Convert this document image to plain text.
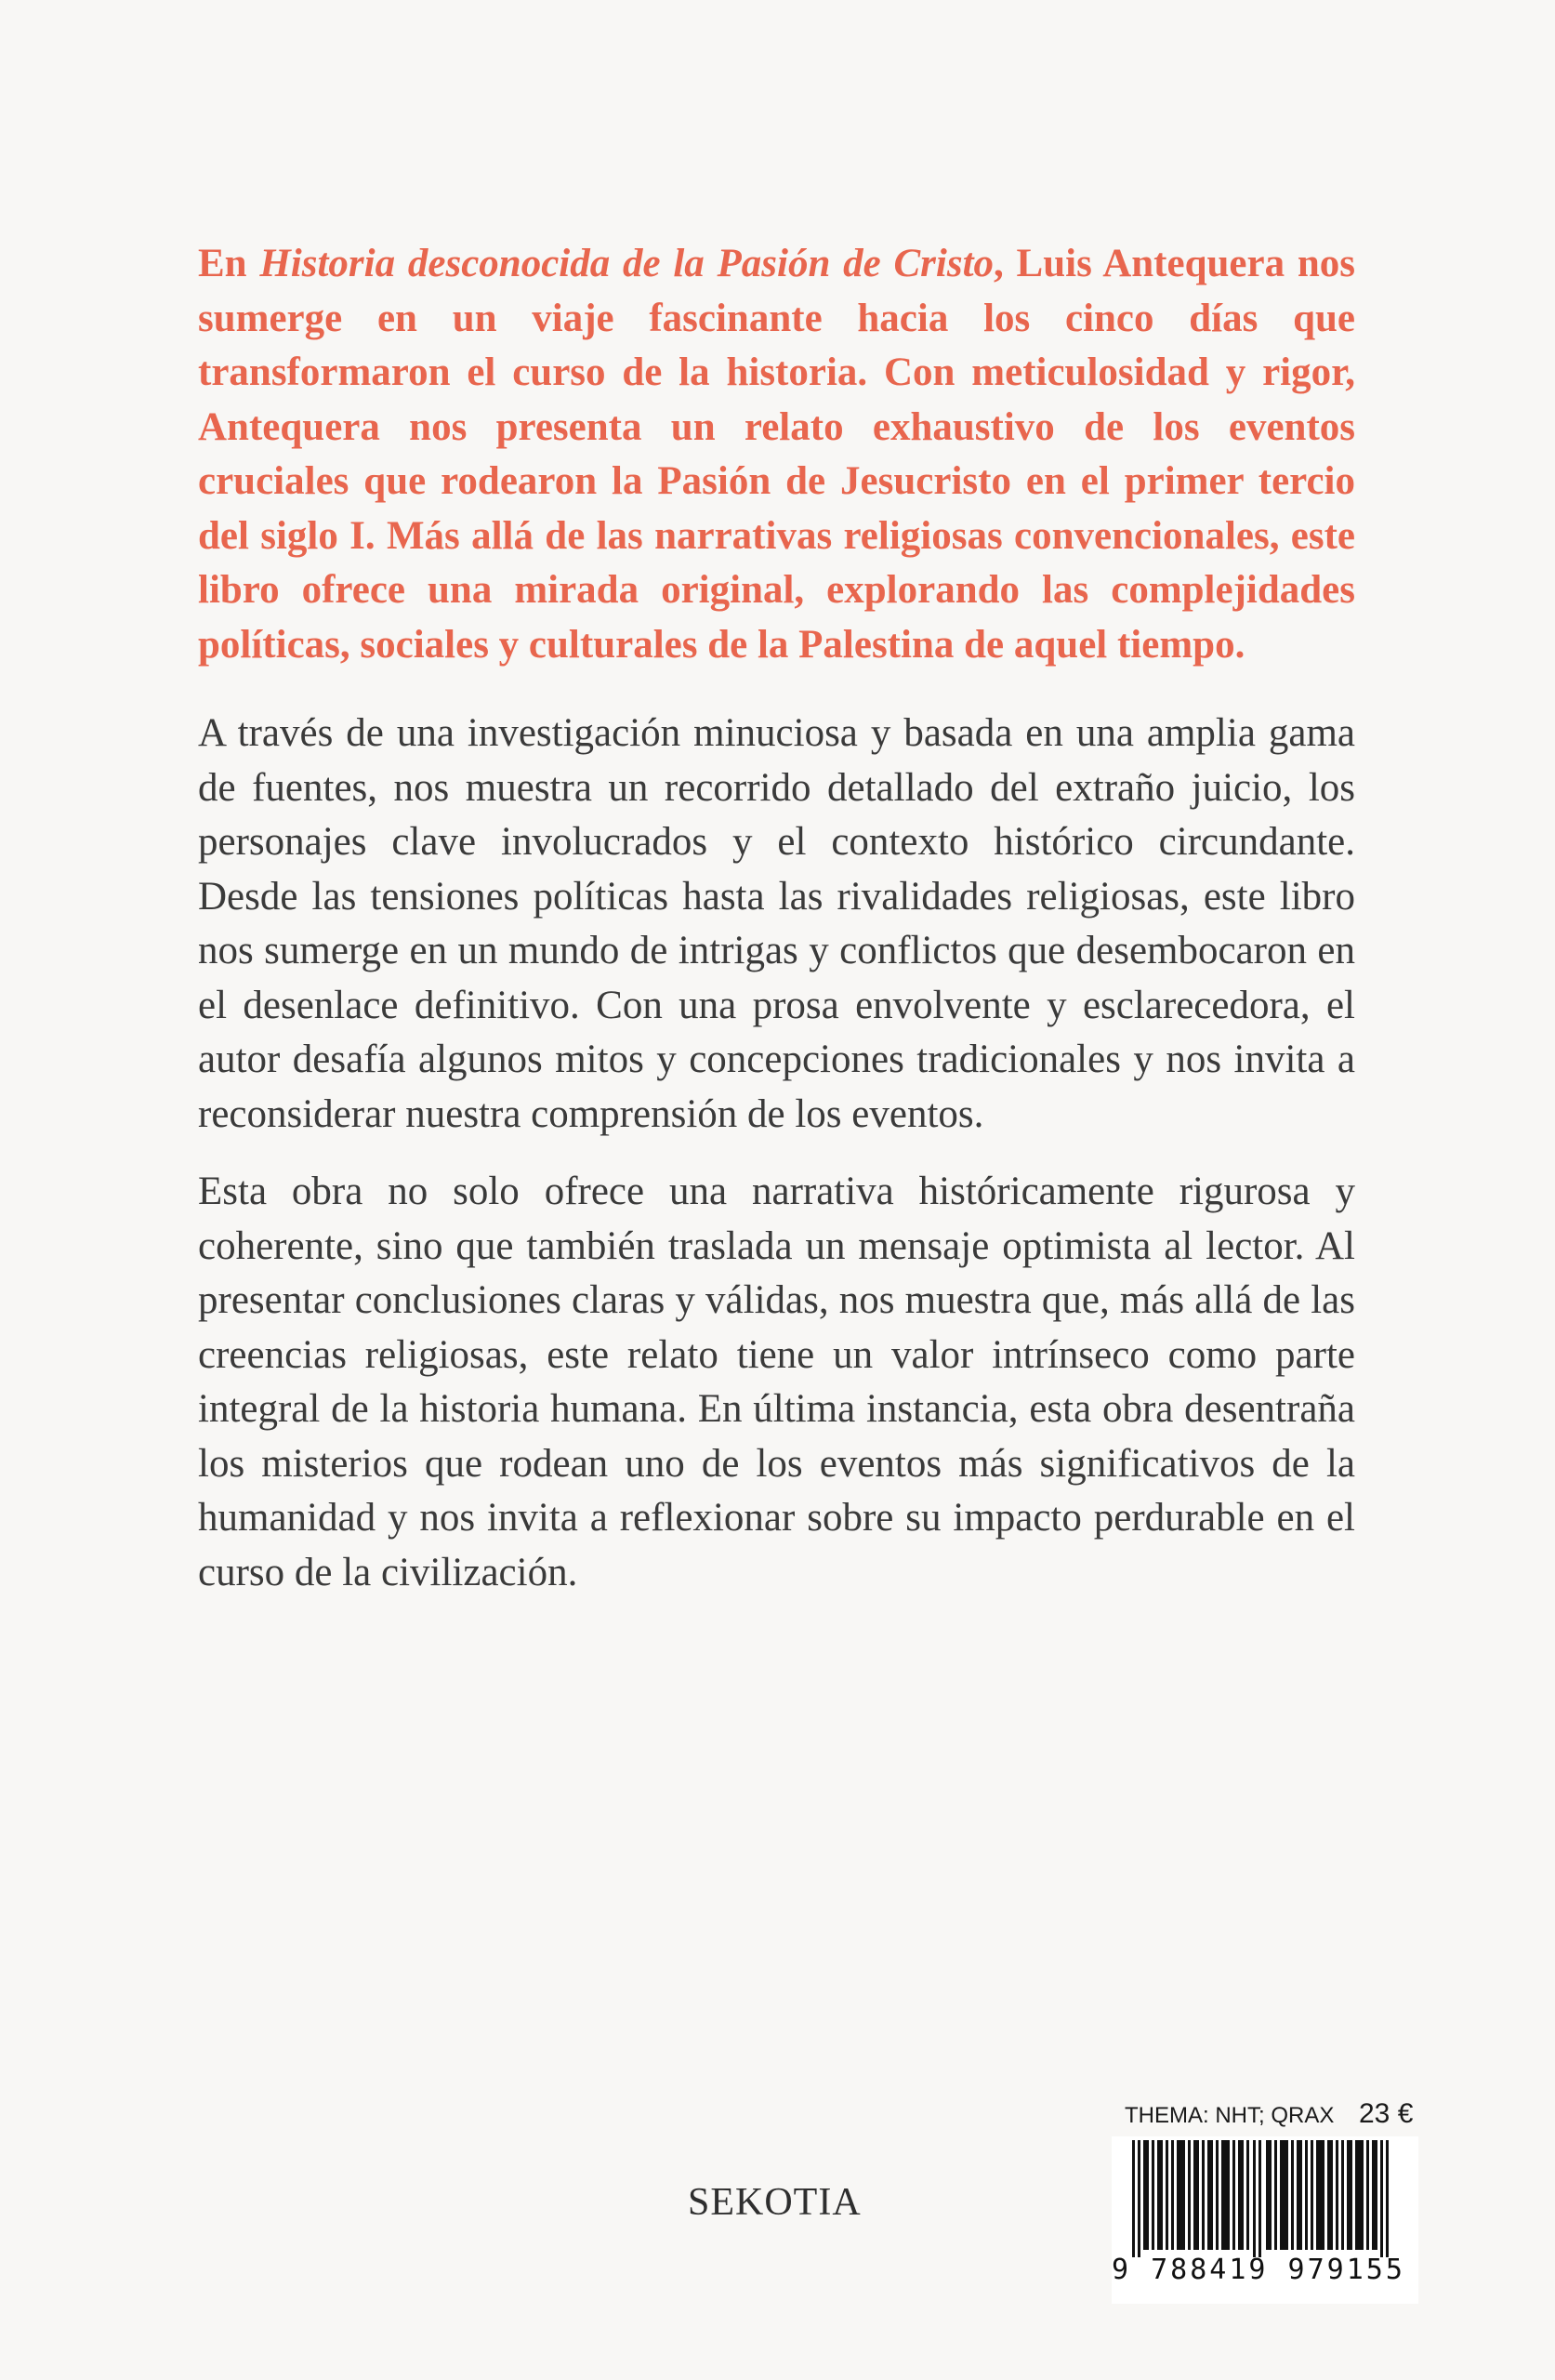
En Historia desconocida de la Pasión de Cristo, Luis Antequera nos sumerge en un viaje fascinante hacia los cinco días que transformaron el curso de la historia. Con meticulosidad y rigor, Antequera nos presenta un relato exhaustivo de los eventos cruciales que rodearon la Pasión de Jesucristo en el primer tercio del siglo I. Más allá de las narrativas religiosas convencionales, este libro ofrece una mirada original, explorando las complejidades políticas, sociales y culturales de la Palestina de aquel tiempo.
A través de una investigación minuciosa y basada en una amplia gama de fuentes, nos muestra un recorrido detallado del extraño juicio, los personajes clave involucrados y el contexto histórico circundante. Desde las tensiones políticas hasta las rivalidades religiosas, este libro nos sumerge en un mundo de intrigas y conflictos que desembocaron en el desenlace definitivo. Con una prosa envolvente y esclarecedora, el autor desafía algunos mitos y concepciones tradicionales y nos invita a reconsiderar nuestra comprensión de los eventos.
Esta obra no solo ofrece una narrativa históricamente rigurosa y coherente, sino que también traslada un mensaje optimista al lector. Al presentar conclusiones claras y válidas, nos muestra que, más allá de las creencias religiosas, este relato tiene un valor intrínseco como parte integral de la historia humana. En última instancia, esta obra desentraña los misterios que rodean uno de los eventos más significativos de la humanidad y nos invita a reflexionar sobre su impacto perdurable en el curso de la civilización.
SEKOTIA
THEMA: NHT; QRAX 23 €
9 788419 979155
